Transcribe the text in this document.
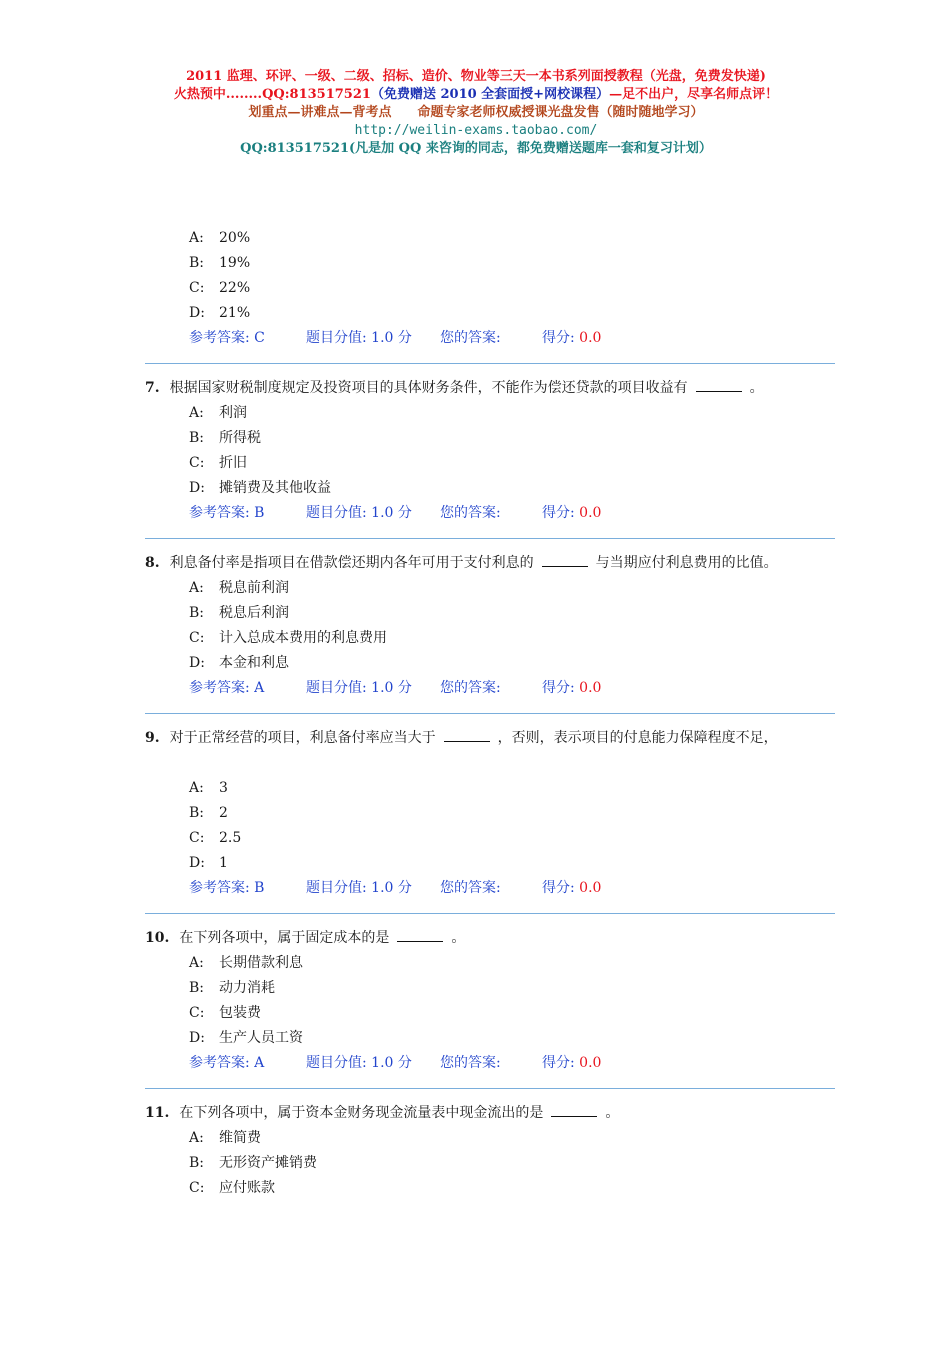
2011 监理、环评、一级、二级、招标、造价、物业等三天一本书系列面授教程（光盘，免费发快递)
火热预中........QQ:813517521（免费赠送 2010 全套面授+网校课程）—足不出户，尽享名师点评！
划重点—讲难点—背考点 命题专家老师权威授课光盘发售（随时随地学习）
http://weilin-exams.taobao.com/
QQ:813517521(凡是加 QQ 来咨询的同志，都免费赠送题库一套和复习计划）
A: 20%
B: 19%
C: 22%
D: 21%
参考答案: C	题目分值: 1.0 分 您的答案:	得分: 0.0
7. 根据国家财税制度规定及投资项目的具体财务条件，不能作为偿还贷款的项目收益有	。
A: 利润
B: 所得税
C: 折旧
D: 摊销费及其他收益
参考答案: B	题目分值: 1.0 分 您的答案:	得分: 0.0
8. 利息备付率是指项目在借款偿还期内各年可用于支付利息的	与当期应付利息费用的比值。
A: 税息前利润
B: 税息后利润
C: 计入总成本费用的利息费用
D: 本金和利息
参考答案: A	题目分值: 1.0 分 您的答案:	得分: 0.0
9. 对于正常经营的项目，利息备付率应当大于	，否则，表示项目的付息能力保障程度不足，
A: 3
B: 2
C: 2.5
D: 1
参考答案: B	题目分值: 1.0 分 您的答案:	得分: 0.0
10. 在下列各项中，属于固定成本的是	。
A: 长期借款利息
B: 动力消耗
C: 包装费
D: 生产人员工资
参考答案: A	题目分值: 1.0 分 您的答案:	得分: 0.0
11. 在下列各项中，属于资本金财务现金流量表中现金流出的是	。
A: 维简费
B: 无形资产摊销费
C: 应付账款
